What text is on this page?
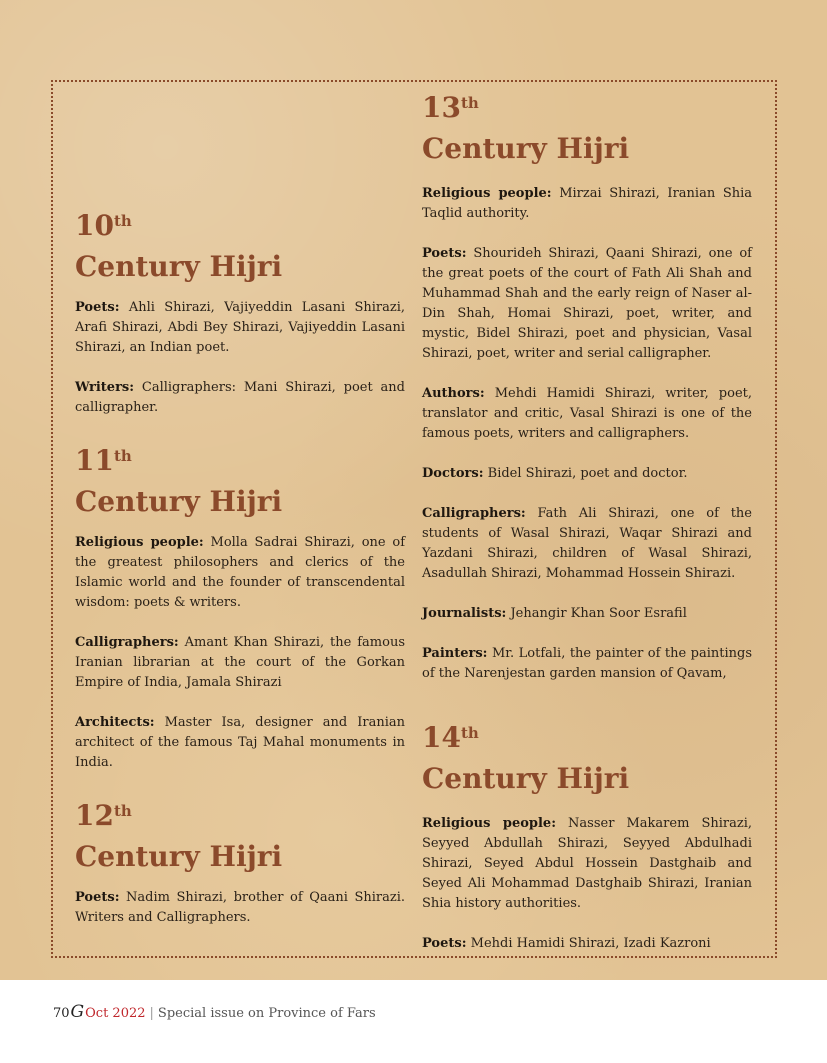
10th
Century Hijri

Poets: Ahli Shirazi, Vajiyeddin Lasani Shirazi, Arafi Shirazi, Abdi Bey Shirazi, Vajiyeddin Lasani Shirazi, an Indian poet.

Writers: Calligraphers: Mani Shirazi, poet and calligrapher.

11th
Century Hijri

Religious people: Molla Sadrai Shirazi, one of the greatest philosophers and clerics of the Islamic world and the founder of transcendental wisdom: poets & writers.

Calligraphers: Amant Khan Shirazi, the famous Iranian librarian at the court of the Gorkan Empire of India, Jamala Shirazi

Architects: Master Isa, designer and Iranian architect of the famous Taj Mahal monuments in India.

12th
Century Hijri

Poets: Nadim Shirazi, brother of Qaani Shirazi. Writers and Calligraphers.

13th
Century Hijri

Religious people: Mirzai Shirazi, Iranian Shia Taqlid authority.

Poets: Shourideh Shirazi, Qaani Shirazi, one of the great poets of the court of Fath Ali Shah and Muhammad Shah and the early reign of Naser al-Din Shah, Homai Shirazi, poet, writer, and mystic, Bidel Shirazi, poet and physician, Vasal Shirazi, poet, writer and serial calligrapher.

Authors: Mehdi Hamidi Shirazi, writer, poet, translator and critic, Vasal Shirazi is one of the famous poets, writers and calligraphers.

Doctors: Bidel Shirazi, poet and doctor.

Calligraphers: Fath Ali Shirazi, one of the students of Wasal Shirazi, Waqar Shirazi and Yazdani Shirazi, children of Wasal Shirazi, Asadullah Shirazi, Mohammad Hossein Shirazi.

Journalists: Jehangir Khan Soor Esrafil

Painters: Mr. Lotfali, the painter of the paintings of the Narenjestan garden mansion of Qavam,

14th
Century Hijri

Religious people: Nasser Makarem Shirazi, Seyyed Abdullah Shirazi, Seyyed Abdulhadi Shirazi, Seyed Abdul Hossein Dastghaib and Seyed Ali Mohammad Dastghaib Shirazi, Iranian Shia history authorities.

Poets: Mehdi Hamidi Shirazi, Izadi Kazroni

70GOct 2022 | Special issue on Province of Fars
